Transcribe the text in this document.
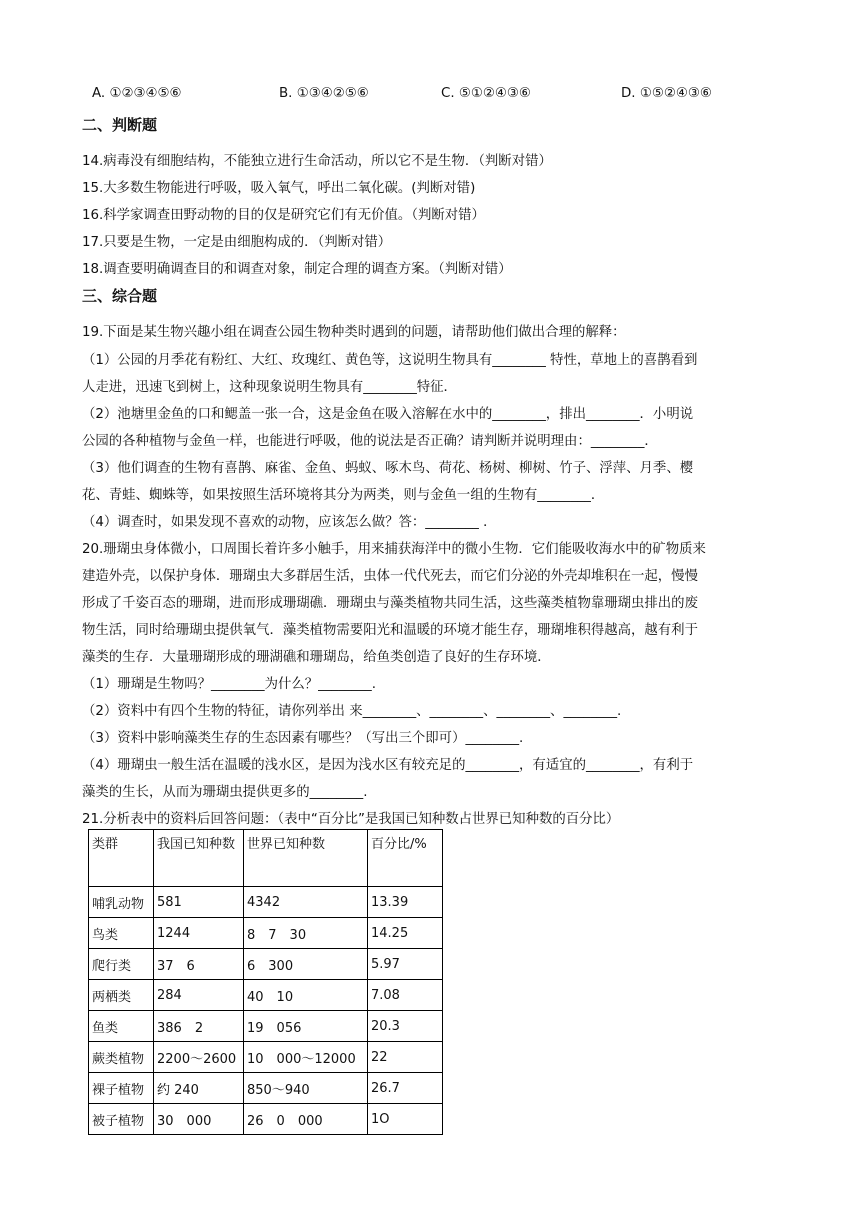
A. ①②③④⑤⑥	B. ①③④②⑤⑥	C. ⑤①②④③⑥	D. ①⑤②④③⑥
二、判断题
14.病毒没有细胞结构，不能独立进行生命活动，所以它不是生物．（判断对错）
15.大多数生物能进行呼吸，吸入氧气，呼出二氧化碳。(判断对错)
16.科学家调查田野动物的目的仅是研究它们有无价值。（判断对错）
17.只要是生物，一定是由细胞构成的．（判断对错）
18.调查要明确调查目的和调查对象，制定合理的调查方案。（判断对错）
三、综合题
19.下面是某生物兴趣小组在调查公园生物种类时遇到的问题，请帮助他们做出合理的解释：
（1）公园的月季花有粉红、大红、玫瑰红、黄色等，这说明生物具有________ 特性，草地上的喜鹊看到
人走进，迅速飞到树上，这种现象说明生物具有________特征．
（2）池塘里金鱼的口和鳃盖一张一合，这是金鱼在吸入溶解在水中的________，排出________．小明说
公园的各种植物与金鱼一样，也能进行呼吸，他的说法是否正确？请判断并说明理由：________．
（3）他们调查的生物有喜鹊、麻雀、金鱼、蚂蚁、啄木鸟、荷花、杨树、柳树、竹子、浮萍、月季、樱
花、青蛙、蜘蛛等，如果按照生活环境将其分为两类，则与金鱼一组的生物有________．
（4）调查时，如果发现不喜欢的动物，应该怎么做？答：________ ．
20.珊瑚虫身体微小，口周围长着许多小触手，用来捕获海洋中的微小生物．它们能吸收海水中的矿物质来
建造外壳，以保护身体．珊瑚虫大多群居生活，虫体一代代死去，而它们分泌的外壳却堆积在一起，慢慢
形成了千姿百态的珊瑚，进而形成珊瑚礁．珊瑚虫与藻类植物共同生活，这些藻类植物靠珊瑚虫排出的废
物生活，同时给珊瑚虫提供氧气．藻类植物需要阳光和温暖的环境才能生存，珊瑚堆积得越高，越有利于
藻类的生存．大量珊瑚形成的珊湖礁和珊瑚岛，给鱼类创造了良好的生存环境．
（1）珊瑚是生物吗？________为什么？________.
（2）资料中有四个生物的特征，请你列举出 来________、________、________、________.
（3）资料中影响藻类生存的生态因素有哪些？（写出三个即可）________.
（4）珊瑚虫一般生活在温暖的浅水区，是因为浅水区有较充足的________，有适宜的________，有利于
藻类的生长，从而为珊瑚虫提供更多的________.
21.分析表中的资料后回答问题：（表中“百分比”是我国已知种数占世界已知种数的百分比）
类群	我国已知种数	世界已知种数	百分比/%
哺乳动物	581	4342	13.39
鸟类	1244	8　7　30	14.25
爬行类	37　6	6　300	5.97
两栖类	284	40　10	7.08
鱼类	386　2	19　056	20.3
蕨类植物	2200～2600	10　000～12000	22
裸子植物	约 240	850～940	26.7
被子植物	30　000	26　0　000	1O
